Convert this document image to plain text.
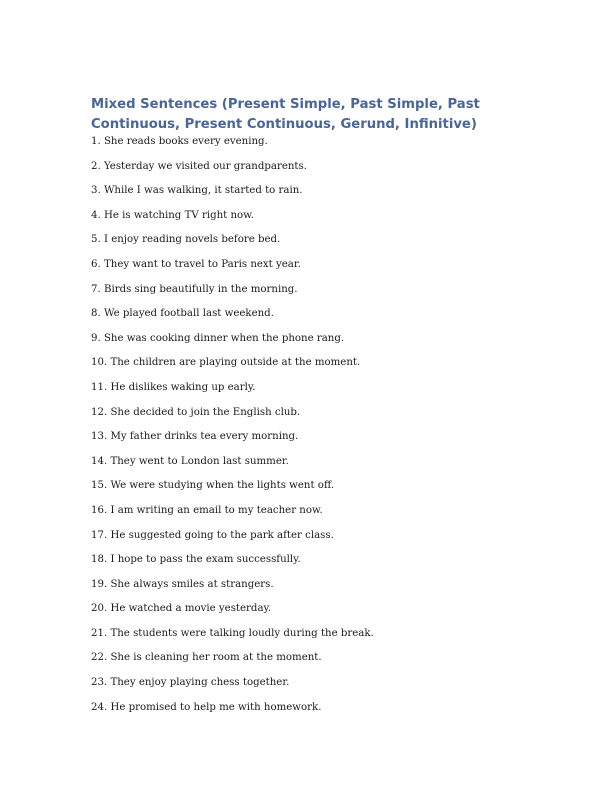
Mixed Sentences (Present Simple, Past Simple, Past Continuous, Present Continuous, Gerund, Infinitive)
1. She reads books every evening.
2. Yesterday we visited our grandparents.
3. While I was walking, it started to rain.
4. He is watching TV right now.
5. I enjoy reading novels before bed.
6. They want to travel to Paris next year.
7. Birds sing beautifully in the morning.
8. We played football last weekend.
9. She was cooking dinner when the phone rang.
10. The children are playing outside at the moment.
11. He dislikes waking up early.
12. She decided to join the English club.
13. My father drinks tea every morning.
14. They went to London last summer.
15. We were studying when the lights went off.
16. I am writing an email to my teacher now.
17. He suggested going to the park after class.
18. I hope to pass the exam successfully.
19. She always smiles at strangers.
20. He watched a movie yesterday.
21. The students were talking loudly during the break.
22. She is cleaning her room at the moment.
23. They enjoy playing chess together.
24. He promised to help me with homework.
